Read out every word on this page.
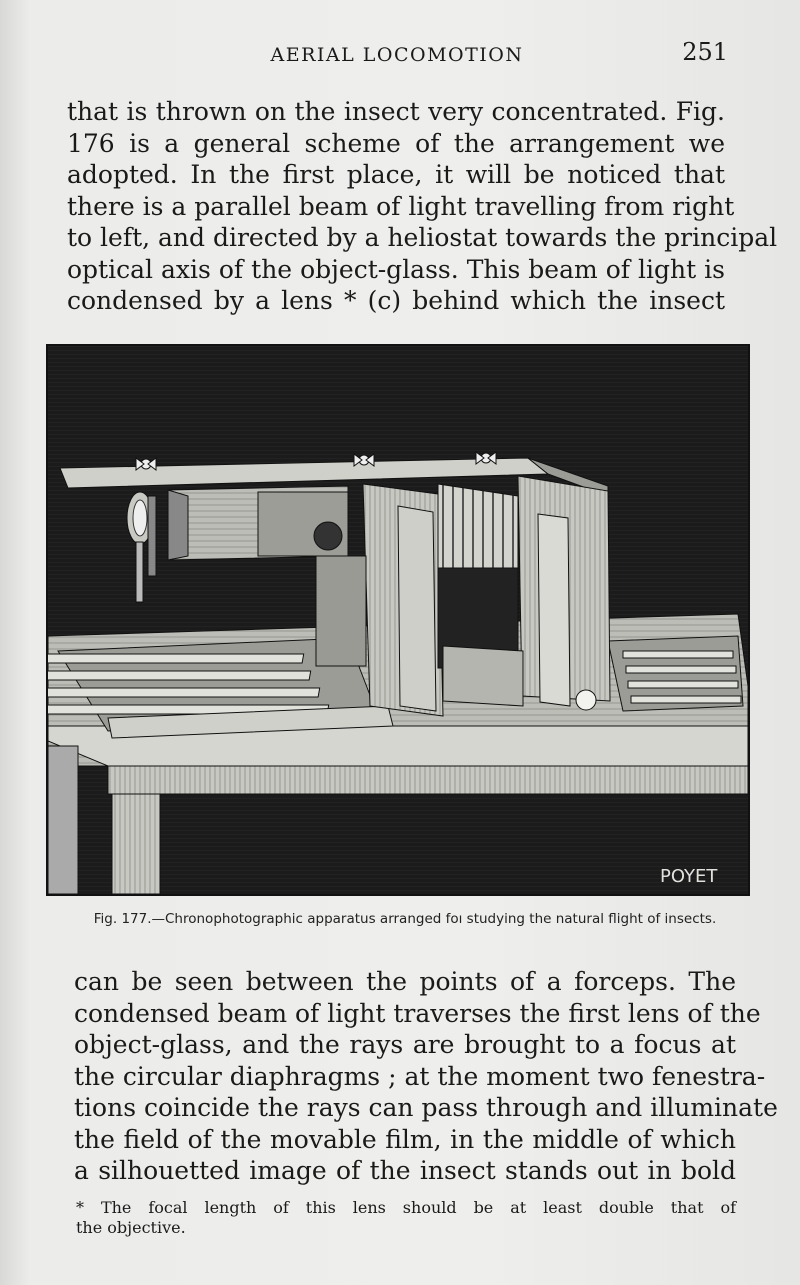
AERIAL LOCOMOTION	251
that is thrown on the insect very concentrated. Fig.
176 is a general scheme of the arrangement we
adopted. In the first place, it will be noticed that
there is a parallel beam of light travelling from right
to left, and directed by a heliostat towards the principal
optical axis of the object-glass. This beam of light is
condensed by a lens * (c) behind which the insect
POYET
Fig. 177.—Chronophotographic apparatus arranged foı studying the natural flight of insects.
can be seen between the points of a forceps. The
condensed beam of light traverses the first lens of the
object-glass, and the rays are brought to a focus at
the circular diaphragms ; at the moment two fenestra-
tions coincide the rays can pass through and illuminate
the field of the movable film, in the middle of which
a silhouetted image of the insect stands out in bold
* The focal length of this lens should be at least double that of
the objective.
